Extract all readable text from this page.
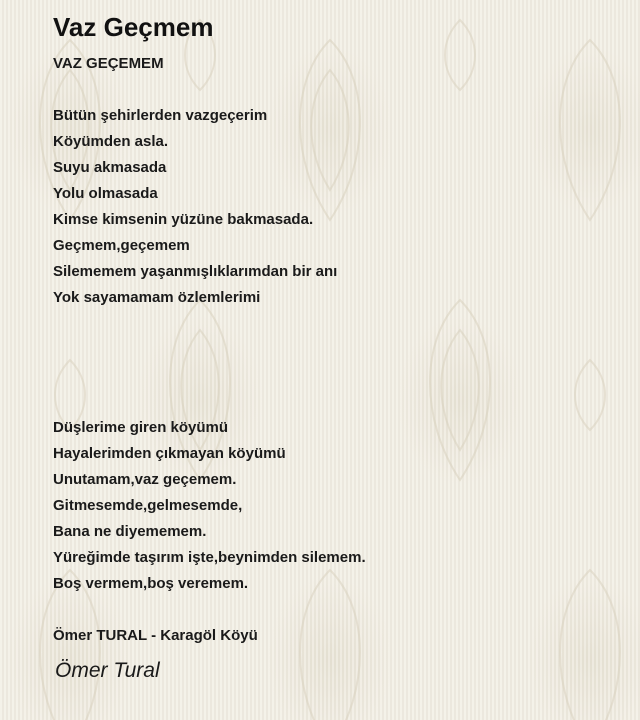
Vaz Geçmem
VAZ GEÇEMEM
Bütün şehirlerden vazgeçerim
Köyümden asla.
Suyu akmasada
Yolu olmasada
Kimse kimsenin yüzüne bakmasada.
Geçmem,geçemem
Silememem yaşanmışlıklarımdan bir anı
Yok sayamamam özlemlerimi
Düşlerime giren köyümü
Hayalerimden çıkmayan köyümü
Unutamam,vaz geçemem.
Gitmesemde,gelmesemde,
Bana ne diyememem.
Yüreğimde taşırım işte,beynimden silemem.
Boş vermem,boş veremem.
Ömer TURAL - Karagöl Köyü
Ömer Tural
